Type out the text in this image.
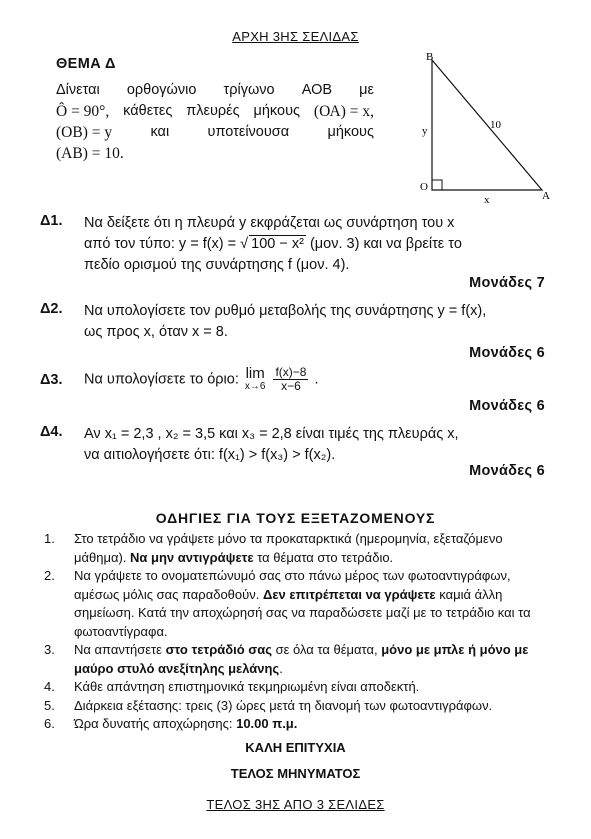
ΑΡΧΗ 3ΗΣ ΣΕΛΙΔΑΣ
ΘΕΜΑ Δ
Δίνεται ορθογώνιο τρίγωνο ΑΟΒ με
Ô = 90°, κάθετες πλευρές μήκους (ΟΑ) = x,
(ΟΒ) = y	και	υποτείνουσα	μήκους
(ΑΒ) = 10.
B
O
A
y
x
10
Δ1. Να δείξετε ότι η πλευρά y εκφράζεται ως συνάρτηση του x
από τον τύπο: y = f(x) = √ 100 − x² (μον. 3) και να βρείτε το
πεδίο ορισμού της συνάρτησης f (μον. 4).
Μονάδες 7
Δ2. Να υπολογίσετε τον ρυθμό μεταβολής της συνάρτησης y = f(x),
ως προς x, όταν x = 8.
Μονάδες 6
Δ3. Να υπολογίσετε το όριο: lim
x→6
$\frac{f(x)-8}{x-6}$ .
Μονάδες 6
Δ4. Αν x₁ = 2,3 , x₂ = 3,5 και x₃ = 2,8 είναι τιμές της πλευράς x,
να αιτιολογήσετε ότι: f(x₁) > f(x₃) > f(x₂).
Μονάδες 6
ΟΔΗΓΙΕΣ ΓΙΑ ΤΟΥΣ ΕΞΕΤΑΖΟΜΕΝΟΥΣ
1. Στο τετράδιο να γράψετε μόνο τα προκαταρκτικά (ημερομηνία, εξεταζόμενο μάθημα). Να μην αντιγράψετε τα θέματα στο τετράδιο.

2. Να γράψετε το ονοματεπώνυμό σας στο πάνω μέρος των φωτοαντιγράφων, αμέσως μόλις σας παραδοθούν. Δεν επιτρέπεται να γράψετε καμιά άλλη σημείωση. Κατά την αποχώρησή σας να παραδώσετε μαζί με το τετράδιο και τα φωτοαντίγραφα.

3. Να απαντήσετε στο τετράδιό σας σε όλα τα θέματα, μόνο με μπλε ή μόνο με μαύρο στυλό ανεξίτηλης μελάνης.

4. Κάθε απάντηση επιστημονικά τεκμηριωμένη είναι αποδεκτή.

5. Διάρκεια εξέτασης: τρεις (3) ώρες μετά τη διανομή των φωτοαντιγράφων.

6. Ώρα δυνατής αποχώρησης: 10.00 π.μ.

ΚΑΛΗ ΕΠΙΤΥΧΙΑ
ΤΕΛΟΣ ΜΗΝΥΜΑΤΟΣ
ΤΕΛΟΣ 3ΗΣ ΑΠΟ 3 ΣΕΛΙΔΕΣ
